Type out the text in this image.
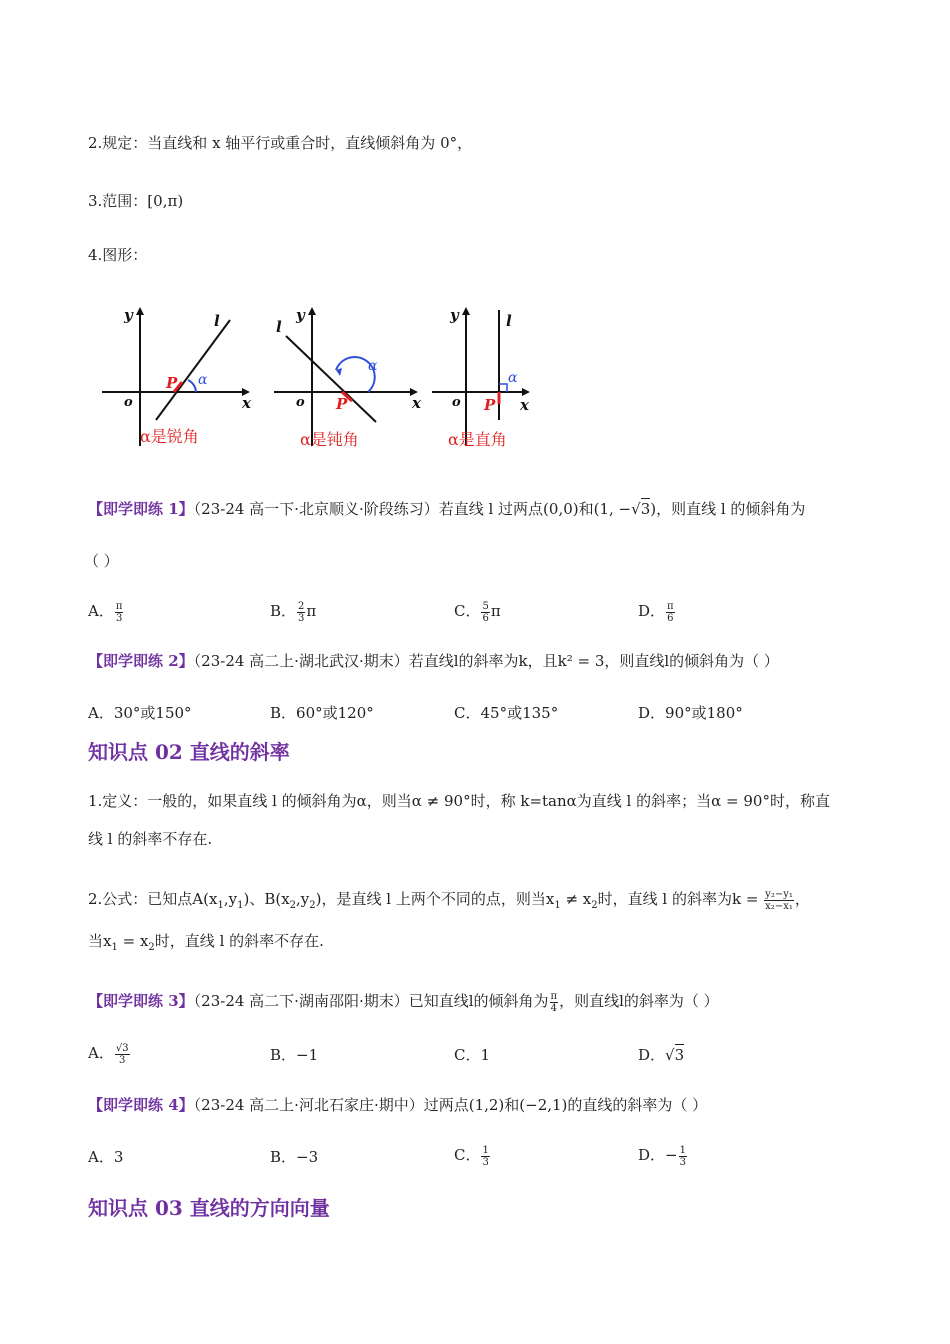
2.规定：当直线和 x 轴平行或重合时，直线倾斜角为 0°，
3.范围：[0,π)
4.图形：
y
o	x
l
P α
α是锐角
y
o	x
l
P
α
α是钝角
y
o	x
l
P
α
α是直角
【即学即练 1】（23-24 高一下·北京顺义·阶段练习）若直线 l 过两点(0,0)和(1, −√3)，则直线 l 的倾斜角为
（ ）
A． $\frac{\pi}{3}$	B． $\frac{2}{3}$ π	C． $\frac{5}{6}$ π	D． $\frac{\pi}{6}$
【即学即练 2】（23-24 高二上·湖北武汉·期末）若直线l的斜率为k，且k² = 3，则直线l的倾斜角为（ ）
A．30°或150°	B．60°或120°	C．45°或135°	D．90°或180°
知识点 02 直线的斜率
1.定义：一般的，如果直线 l 的倾斜角为α，则当α ≠ 90°时，称 k=tanα为直线 l 的斜率；当α = 90°时，称直
线 l 的斜率不存在.
2.公式：已知点$A(x_1,y_1)$、$B(x_2,y_2)$，是直线 l 上两个不同的点，则当$x_1 \ne x_2$时，直线 l 的斜率为$k = \frac{\text{y₂−y₁}}{\text{x₂−x₁}}$ ，
当$x_1 = x_2$时，直线 l 的斜率不存在.
【即学即练 3】（23-24 高二下·湖南邵阳·期末）已知直线l的倾斜角为 $\frac{\pi}{4}$ ，则直线l的斜率为（ ）
A． $\frac{√3}{3}$	B．−1	C．1	D．√3
【即学即练 4】（23-24 高二上·河北石家庄·期中）过两点(1,2)和(−2,1)的直线的斜率为（ ）
A．3	B．−3	C． $\frac{1}{3}$	D．− $\frac{1}{3}$
知识点 03 直线的方向向量
